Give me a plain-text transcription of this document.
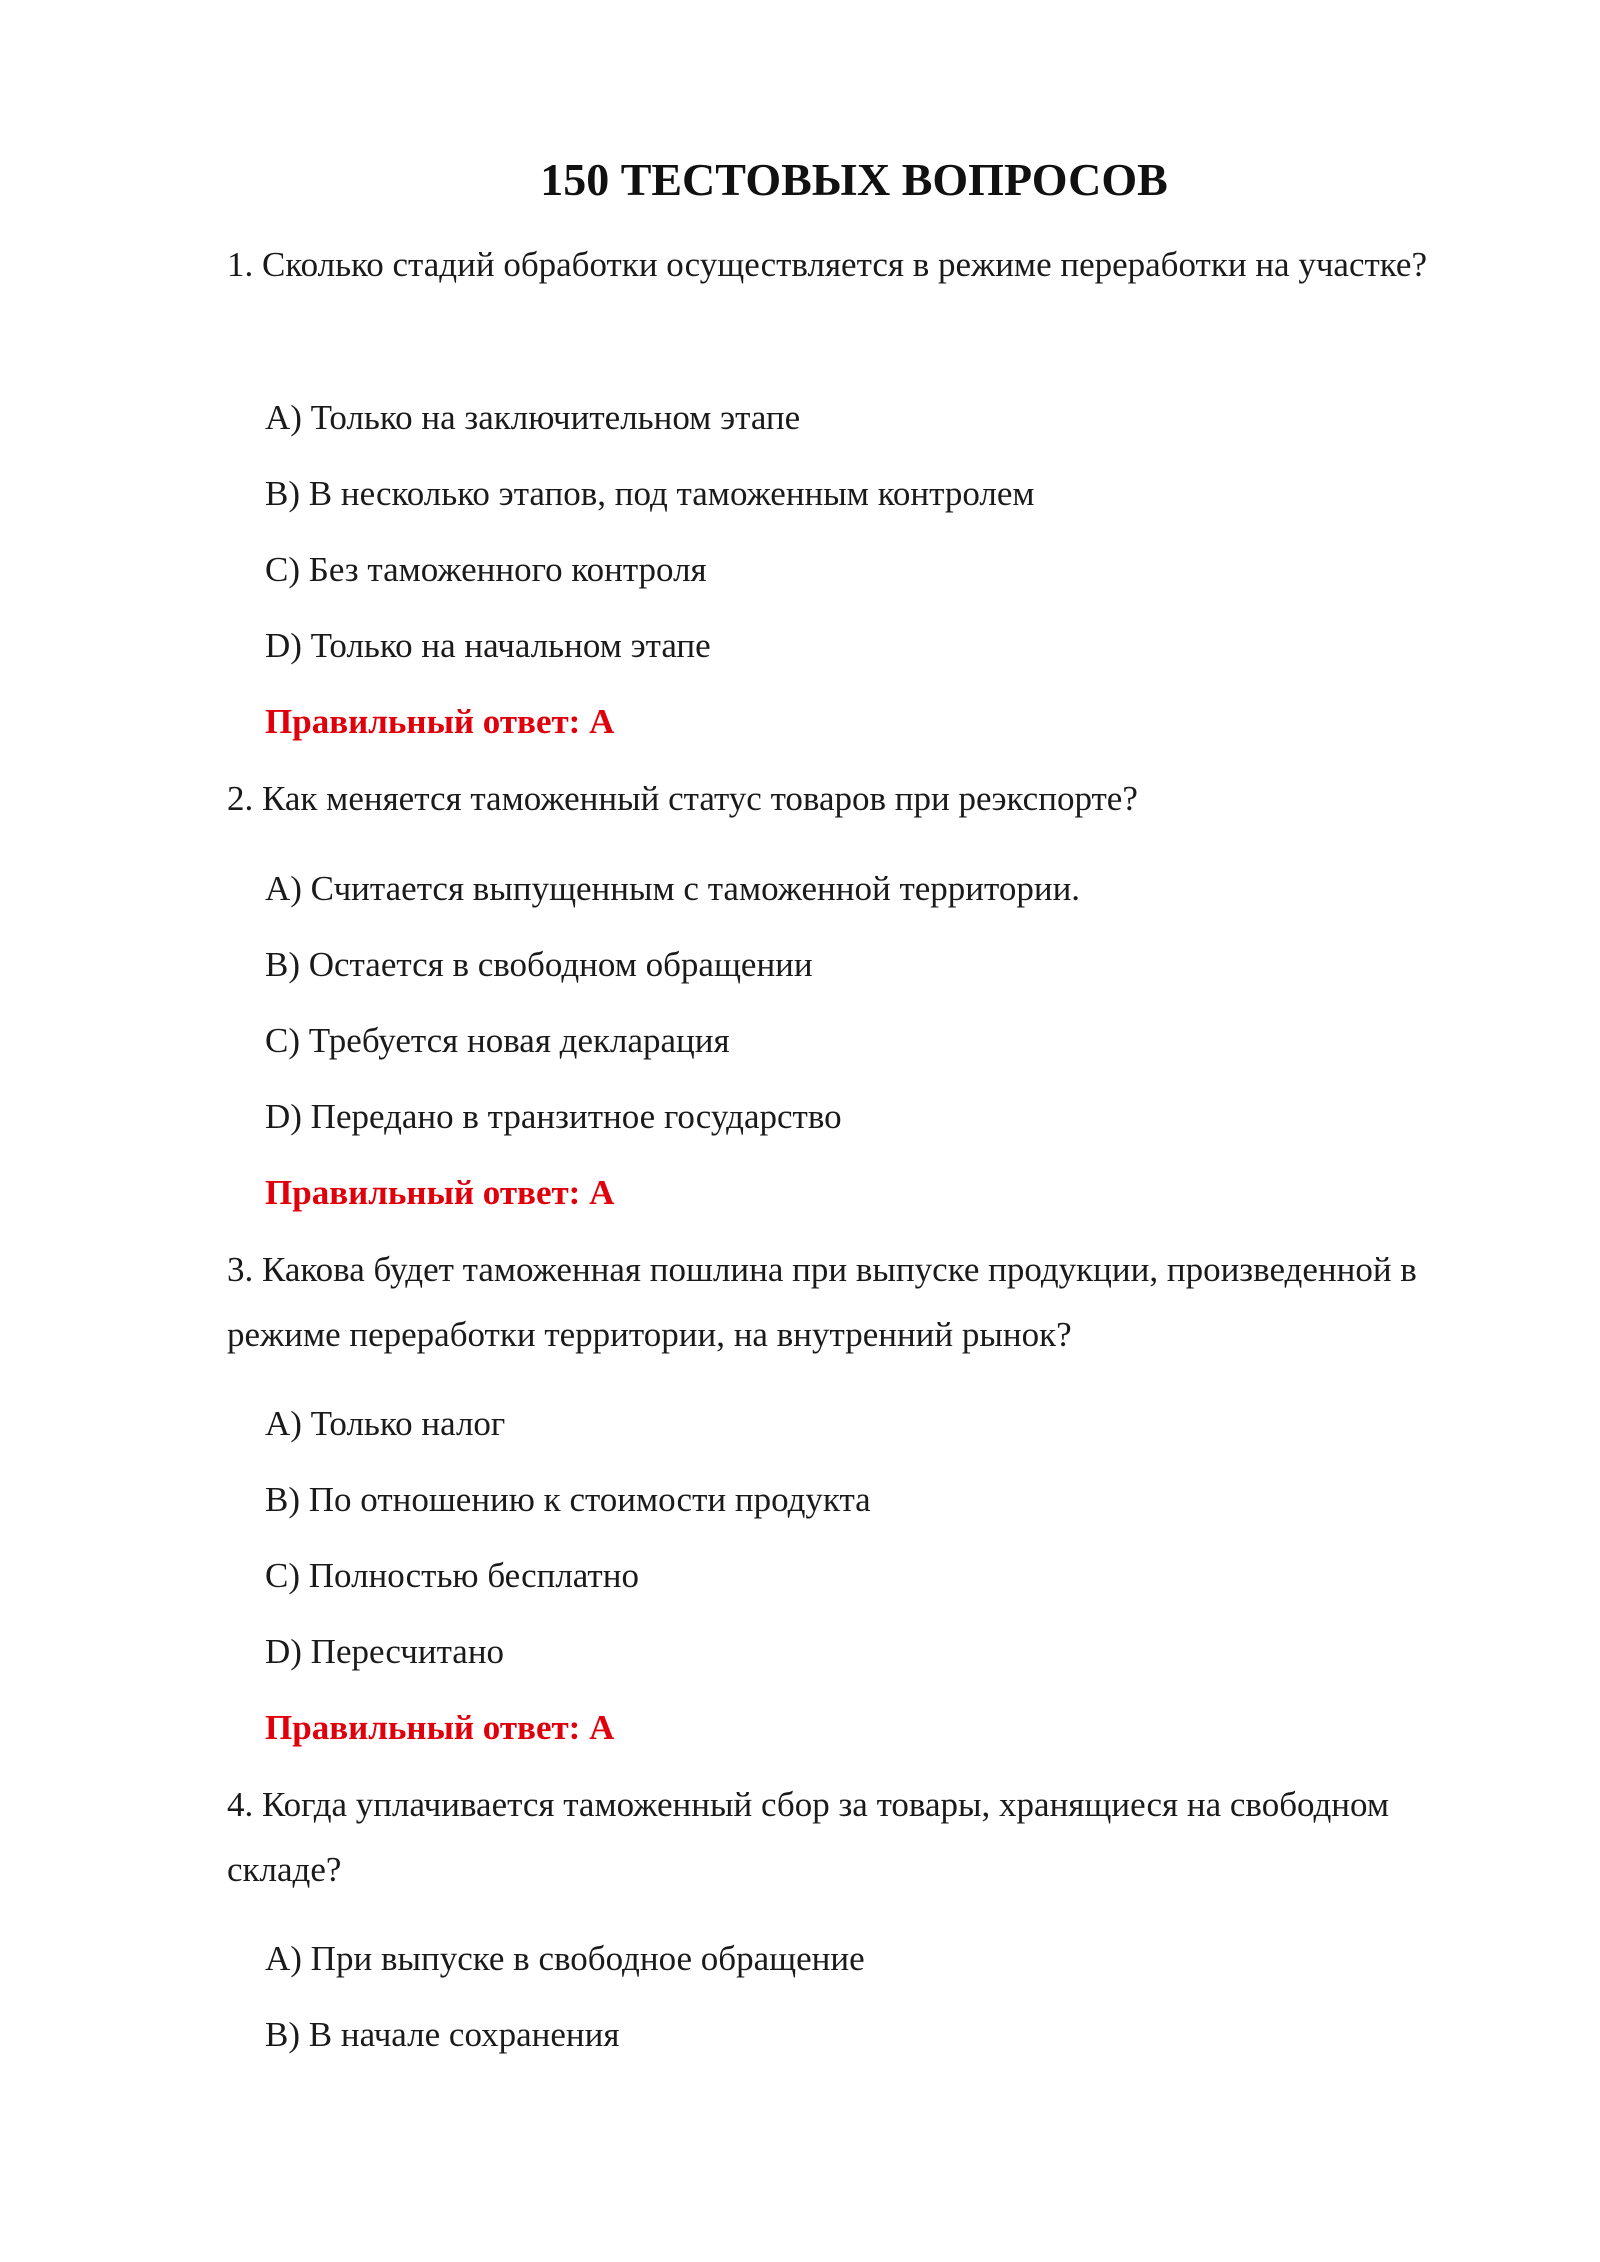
150 ТЕСТОВЫХ ВОПРОСОВ

1. Сколько стадий обработки осуществляется в режиме переработки на участке?

A) Только на заключительном этапе

B) В несколько этапов, под таможенным контролем

C) Без таможенного контроля

D) Только на начальном этапе

Правильный ответ: A

2. Как меняется таможенный статус товаров при реэкспорте?

A) Считается выпущенным с таможенной территории.

B) Остается в свободном обращении

C) Требуется новая декларация

D) Передано в транзитное государство

Правильный ответ: A

3. Какова будет таможенная пошлина при выпуске продукции, произведенной в режиме переработки территории, на внутренний рынок?

A) Только налог

B) По отношению к стоимости продукта

C) Полностью бесплатно

D) Пересчитано

Правильный ответ: A

4. Когда уплачивается таможенный сбор за товары, хранящиеся на свободном складе?

A) При выпуске в свободное обращение

B) В начале сохранения
